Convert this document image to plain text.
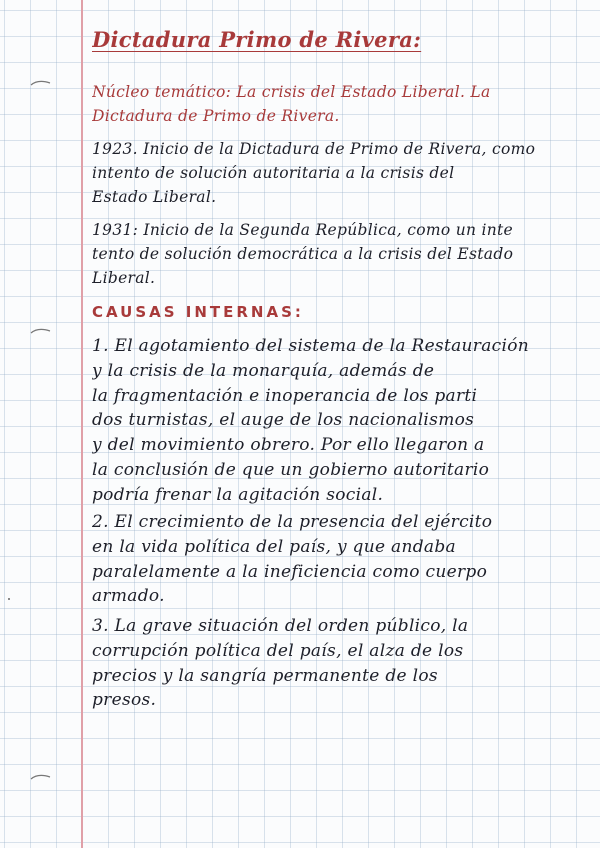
Dictadura Primo de Rivera:

Núcleo temático: La crisis del Estado Liberal. La
Dictadura de Primo de Rivera.

1923. Inicio de la Dictadura de Primo de Rivera, como
intento de solución autoritaria a la crisis del
Estado Liberal.

1931: Inicio de la Segunda República, como un inte
tento de solución democrática a la crisis del Estado
Liberal.

CAUSAS INTERNAS:

1. El agotamiento del sistema de la Restauración
y la crisis de la monarquía, además de
la fragmentación e inoperancia de los parti
dos turnistas, el auge de los nacionalismos
y del movimiento obrero. Por ello llegaron a
la conclusión de que un gobierno autoritario
podría frenar la agitación social.

2. El crecimiento de la presencia del ejército
en la vida política del país, y que andaba
paralelamente a la ineficiencia como cuerpo
armado.

3. La grave situación del orden público, la
corrupción política del país, el alza de los
precios y la sangría permanente de los
presos.
